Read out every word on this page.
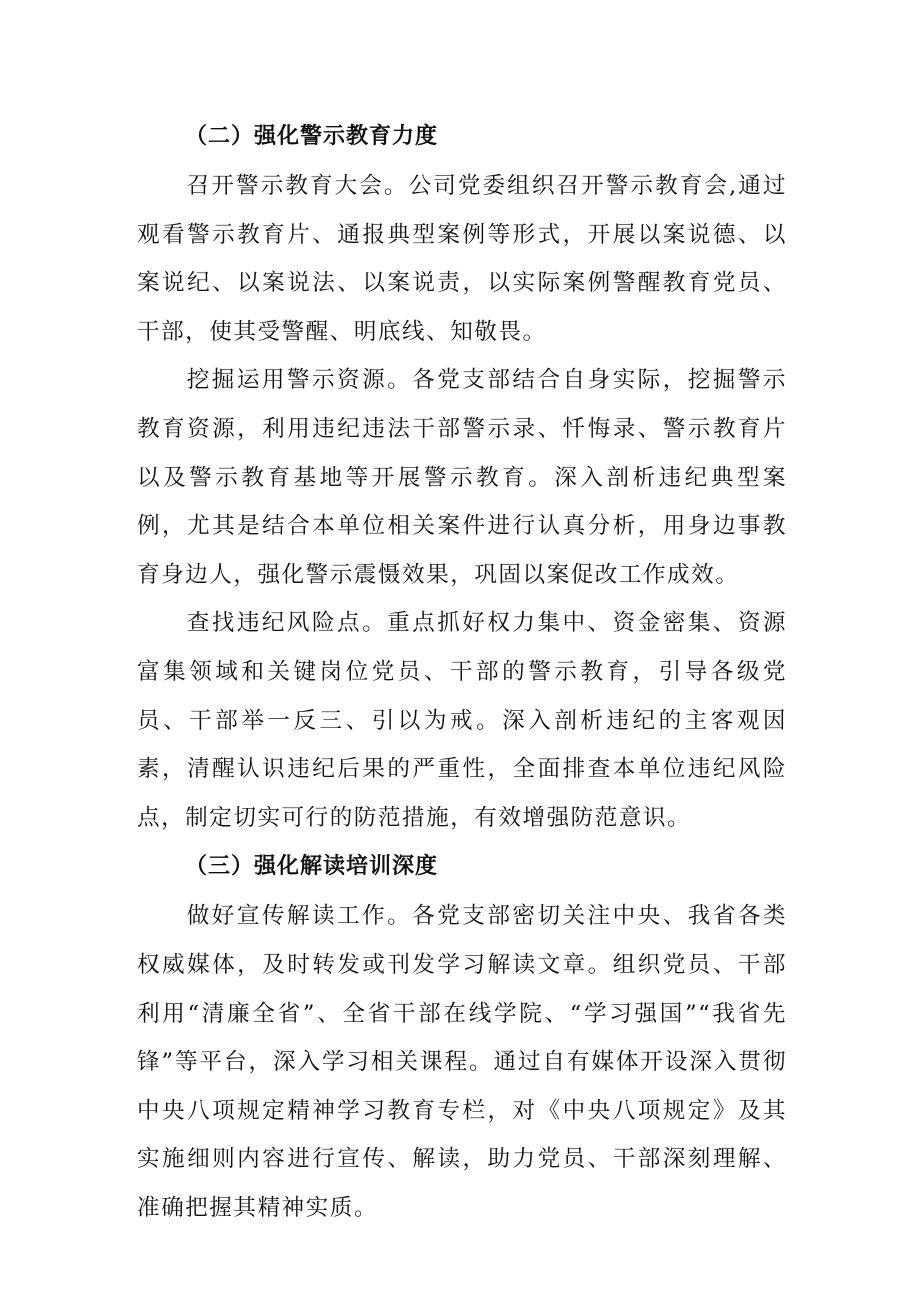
（二）强化警示教育力度

召开警示教育大会。公司党委组织召开警示教育会,通过观看警示教育片、通报典型案例等形式，开展以案说德、以案说纪、以案说法、以案说责，以实际案例警醒教育党员、干部，使其受警醒、明底线、知敬畏。

挖掘运用警示资源。各党支部结合自身实际，挖掘警示教育资源，利用违纪违法干部警示录、忏悔录、警示教育片以及警示教育基地等开展警示教育。深入剖析违纪典型案例，尤其是结合本单位相关案件进行认真分析，用身边事教育身边人，强化警示震慑效果，巩固以案促改工作成效。

查找违纪风险点。重点抓好权力集中、资金密集、资源富集领域和关键岗位党员、干部的警示教育，引导各级党员、干部举一反三、引以为戒。深入剖析违纪的主客观因素，清醒认识违纪后果的严重性，全面排查本单位违纪风险点，制定切实可行的防范措施，有效增强防范意识。

（三）强化解读培训深度

做好宣传解读工作。各党支部密切关注中央、我省各类权威媒体，及时转发或刊发学习解读文章。组织党员、干部利用“清廉全省”、全省干部在线学院、“学习强国”“我省先锋”等平台，深入学习相关课程。通过自有媒体开设深入贯彻中央八项规定精神学习教育专栏，对《中央八项规定》及其实施细则内容进行宣传、解读，助力党员、干部深刻理解、准确把握其精神实质。
